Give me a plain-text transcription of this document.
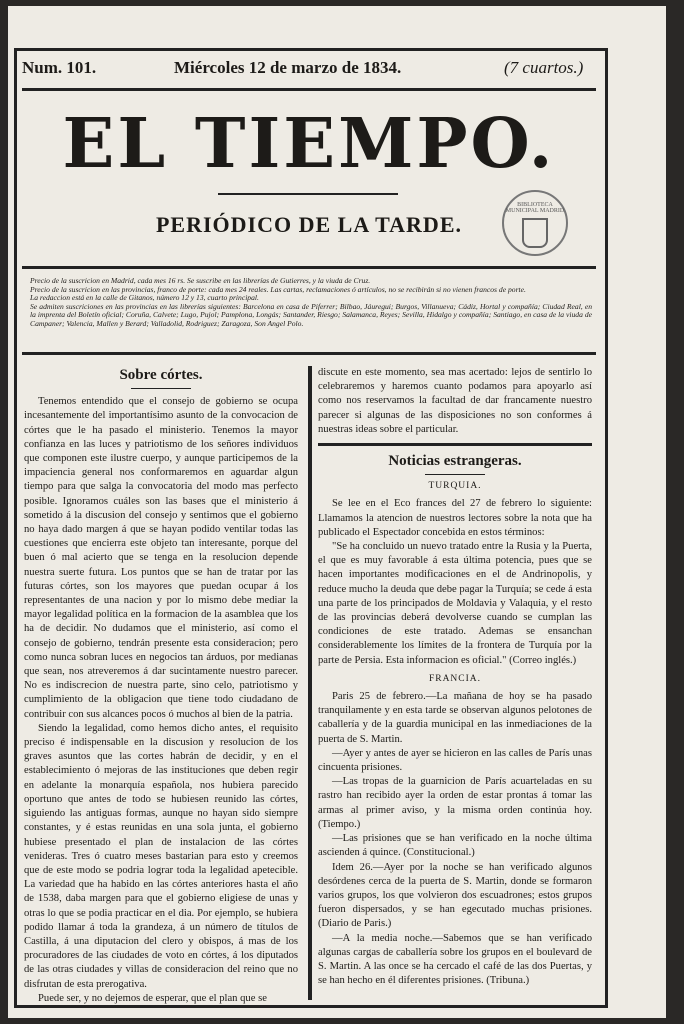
Num. 101.	Miércoles 12 de marzo de 1834.	(7 cuartos.)
EL TIEMPO.
PERIÓDICO DE LA TARDE.
BIBLIOTECA MUNICIPAL MADRID
Precio de la suscricion en Madrid, cada mes 16 rs. Se suscribe en las librerías de Gutierres, y la viuda de Cruz.
Precio de la suscricion en las provincias, franco de porte: cada mes 24 reales. Las cartas, reclamaciones ó artículos, no se recibirán si no vienen francos de porte.
La redaccion está en la calle de Gitanos, número 12 y 13, cuarto principal.
Se admiten suscriciones en las provincias en las librerías siguientes: Barcelona en casa de Piferrer; Bilbao, Jáuregui; Burgos, Villanueva; Cádiz, Hortal y compañía; Ciudad Real, en la imprenta del Boletín oficial; Coruña, Calvete; Lugo, Pujol; Pamplona, Longás; Santander, Riesgo; Salamanca, Reyes; Sevilla, Hidalgo y compañía; Santiago, en casa de la viuda de Campaner; Valencia, Mallen y Berard; Valladolid, Rodriguez; Zaragoza, Son Angel Polo.
Sobre córtes.

Tenemos entendido que el consejo de gobierno se ocupa incesantemente del importantísimo asunto de la convocacion de córtes que le ha pasado el ministerio. Tenemos la mayor confianza en las luces y patriotismo de los señores individuos que componen este ilustre cuerpo, y aunque participemos de la impaciencia general nos conformaremos en aguardar algun tiempo para que salga la convocatoria del modo mas perfecto posible. Ignoramos cuáles son las bases que el ministerio á sometido á la discusion del consejo y sentimos que el gobierno no haya dado margen á que se hayan podido ventilar todas las cuestiones que encierra este objeto tan interesante, porque del buen ó mal acierto que se tenga en la resolucion depende nuestra suerte futura. Los puntos que se han de tratar por las futuras córtes, son los mayores que puedan ocupar á los representantes de una nacion y por lo mismo debe mediar la mayor legalidad política en la formacion de la asamblea que los ha de decidir. No dudamos que el ministerio, así como el consejo de gobierno, tendrán presente esta consideracion; pero como nunca sobran luces en negocios tan árduos, por medianas que sean, nos atreveremos á dar sucintamente nuestro parecer. No es indiscrecion de nuestra parte, sino celo, patriotismo y cumplimiento de la obligacion que tiene todo ciudadano de contribuir con sus alcances pocos ó muchos al bien de la patria.

Siendo la legalidad, como hemos dicho antes, el requisito preciso é indispensable en la discusion y resolucion de los graves asuntos que las cortes habrán de decidir, y en el establecimiento ó mejoras de las instituciones que deben regir en adelante la monarquía española, nos hubiera parecido oportuno que antes de todo se hubiesen reunido las córtes, siguiendo las antiguas formas, aunque no hayan sido siempre constantes, y é estas reunidas en una sola junta, el gobierno hubiese presentado el plan de instalacion de las córtes venideras. Tres ó cuatro meses bastarian para esto y creemos que de este modo se podria lograr toda la legalidad apetecible. La variedad que ha habido en las córtes anteriores hasta el año de 1538, daba margen para que el gobierno eligiese de unas y otras lo que se podia practicar en el dia. Por ejemplo, se hubiera podido llamar á toda la grandeza, á un número de títulos de Castilla, á una diputacion del clero y obispos, á mas de los procuradores de las ciudades de voto en córtes, á los diputados de las otras ciudades y villas de consideracion del reino que no disfrutan de esta prerogativa.

Puede ser, y no dejemos de esperar, que el plan que se

discute en este momento, sea mas acertado: lejos de sentirlo lo celebraremos y haremos cuanto podamos para apoyarlo así como nos reservamos la facultad de dar francamente nuestro parecer si algunas de las disposiciones no son conformes á nuestras ideas sobre el particular.

Noticias estrangeras.
TURQUIA.

Se lee en el Eco frances del 27 de febrero lo siguiente: Llamamos la atencion de nuestros lectores sobre la nota que ha publicado el Espectador concebida en estos términos:

"Se ha concluido un nuevo tratado entre la Rusia y la Puerta, el que es muy favorable á esta última potencia, pues que se hacen importantes modificaciones en el de Andrinopolis, y reduce mucho la deuda que debe pagar la Turquía; se cede á esta una parte de los principados de Moldavia y Valaquia, y el resto de las provincias deberá devolverse cuando se cumplan las condiciones de este tratado. Ademas se ensanchan considerablemente los límites de la frontera de Turquía por la parte de Persia. Esta informacion es oficial." (Correo inglés.)

FRANCIA.

Paris 25 de febrero.—La mañana de hoy se ha pasado tranquilamente y en esta tarde se observan algunos pelotones de caballería y de la guardia municipal en las inmediaciones de la puerta de S. Martin.

—Ayer y antes de ayer se hicieron en las calles de París unas cincuenta prisiones.

—Las tropas de la guarnicion de París acuarteladas en su rastro han recibido ayer la orden de estar prontas á tomar las armas al primer aviso, y la misma orden continúa hoy. (Tiempo.)

—Las prisiones que se han verificado en la noche última ascienden á quince. (Constitucional.)

Idem 26.—Ayer por la noche se han verificado algunos desórdenes cerca de la puerta de S. Martin, donde se formaron varios grupos, los que volvieron dos escuadrones; estos grupos fueron dispersados, y se han egecutado muchas prisiones. (Diario de Paris.)

—A la media noche.—Sabemos que se han verificado algunas cargas de caballería sobre los grupos en el boulevard de S. Martin. A las once se ha cercado el café de las dos Puertas, y se han hecho en él diferentes prisiones. (Tribuna.)
